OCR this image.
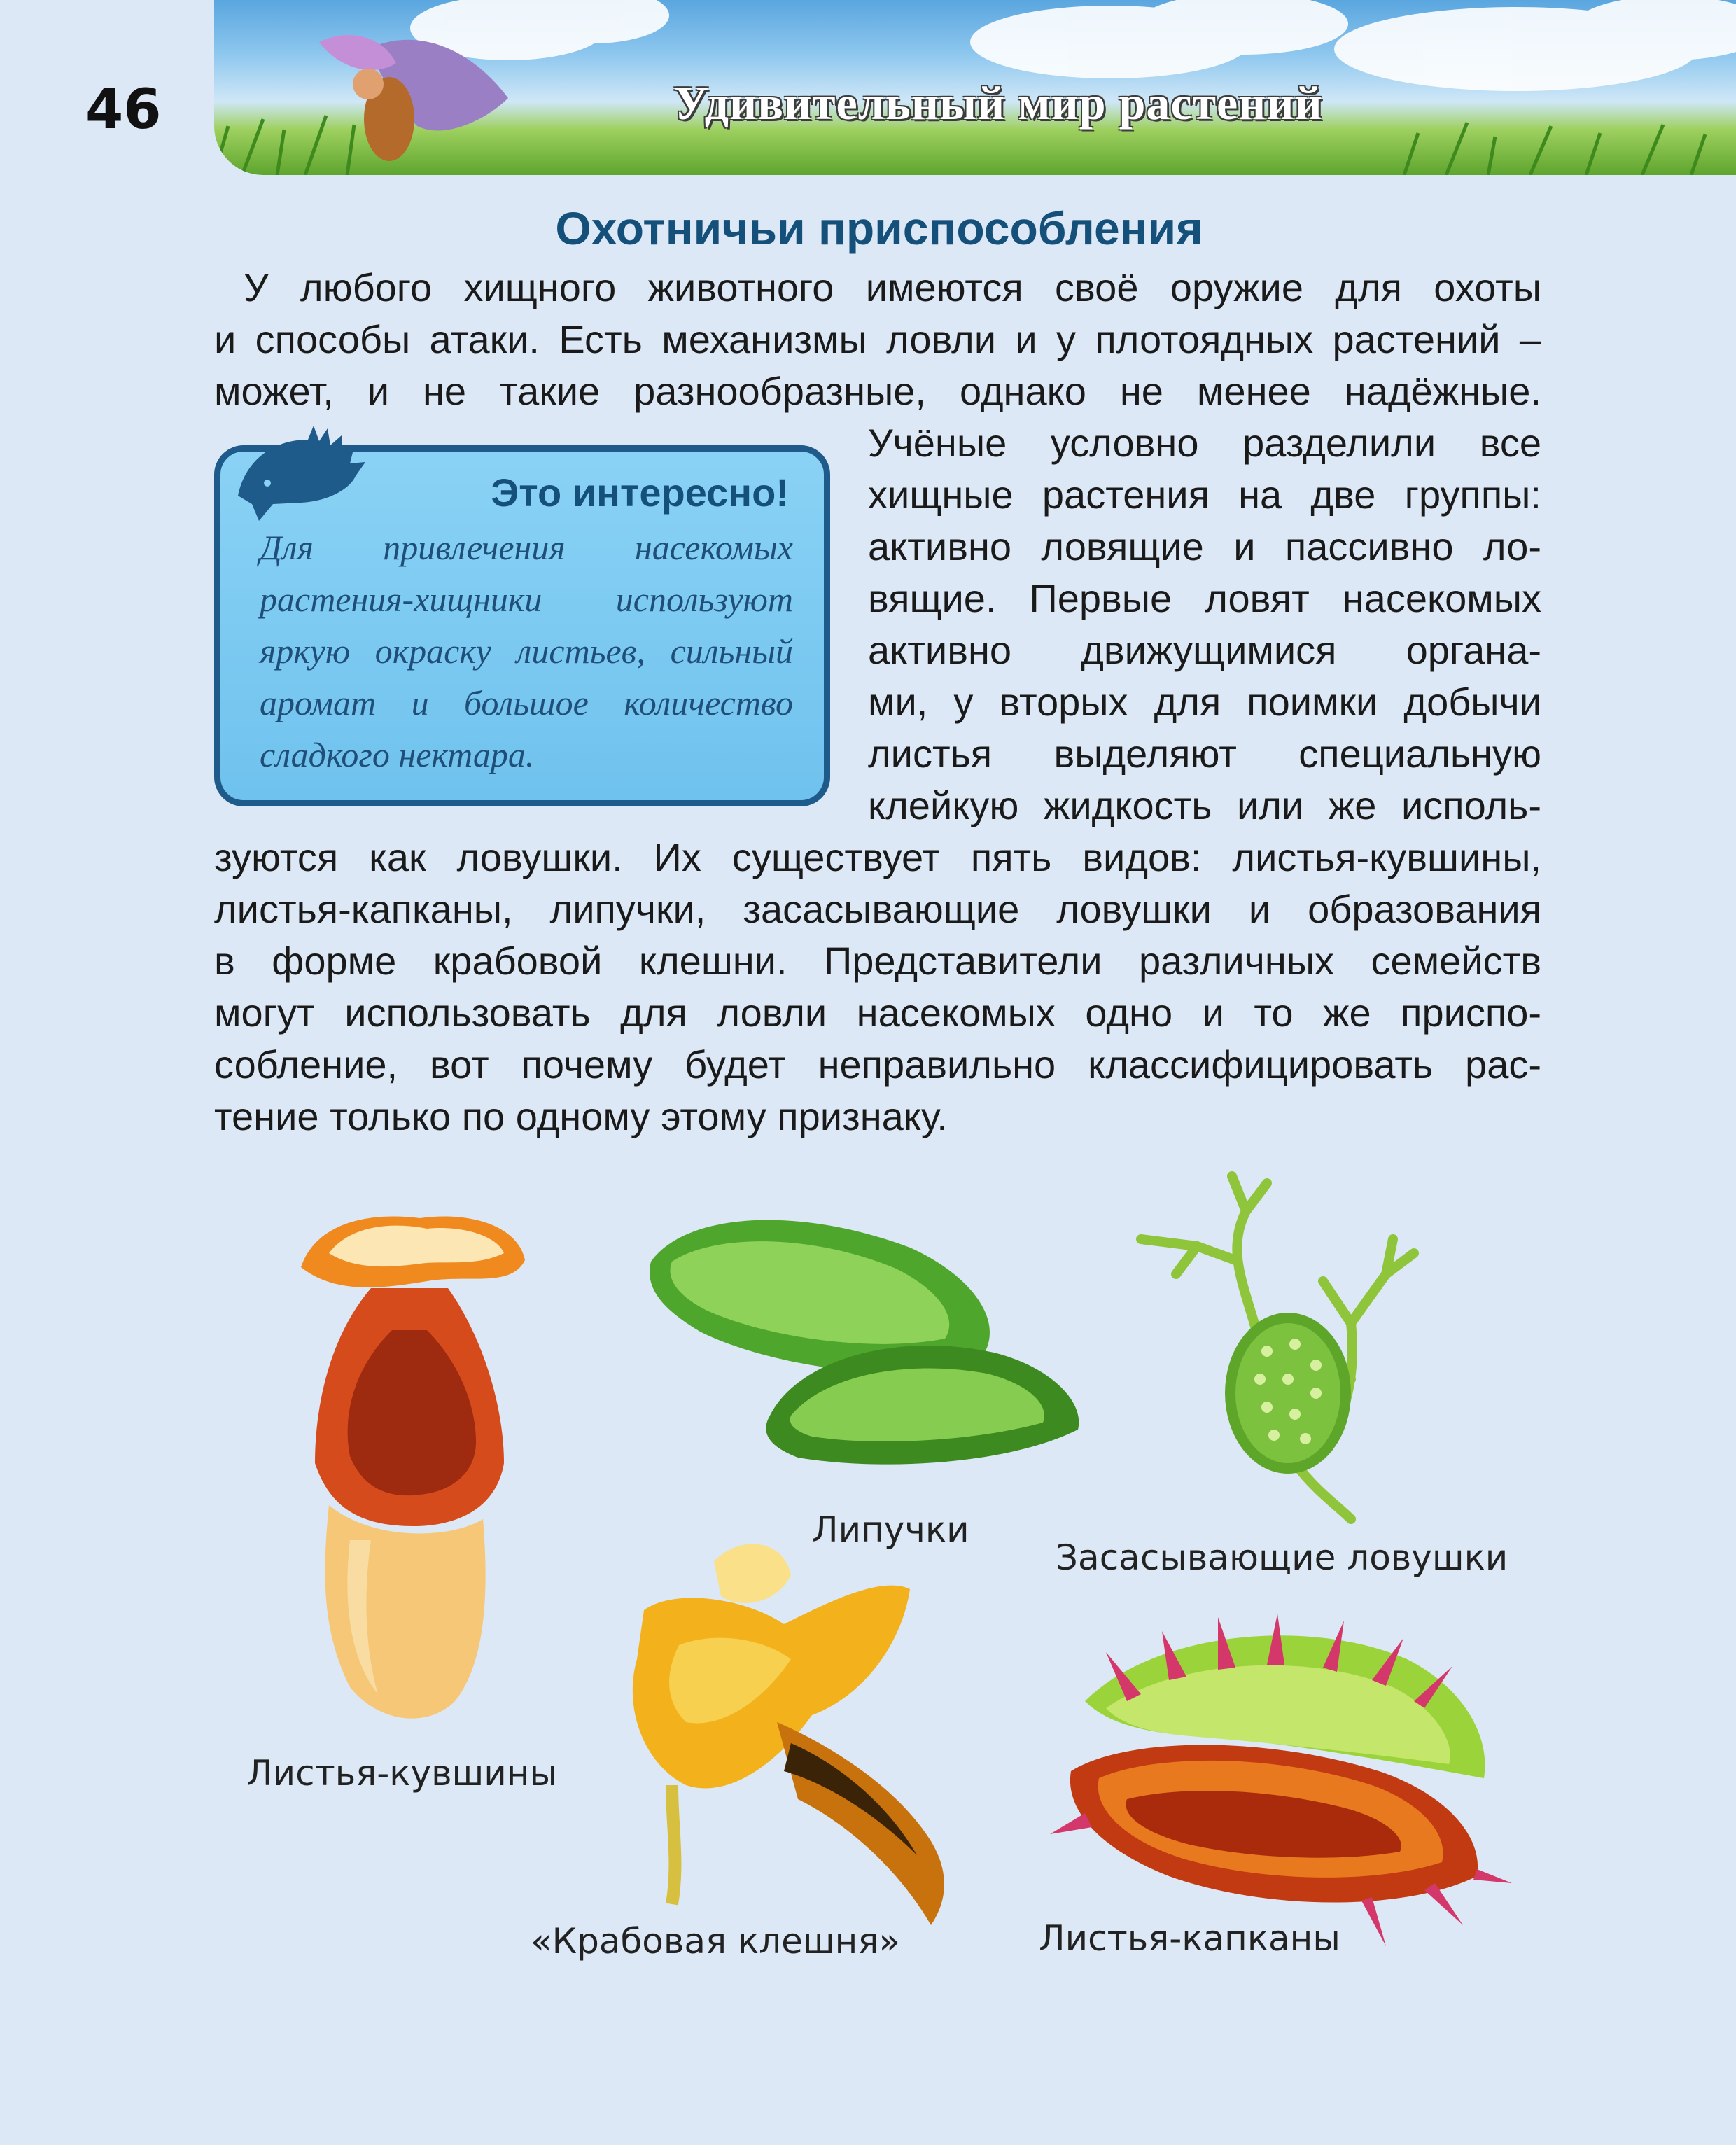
46	Удивительный мир растений
Охотничьи приспособления
У любого хищного животного имеются своё оружие для охоты
и способы атаки. Есть механизмы ловли и у плотоядных растений –
может, и не такие разнообразные, однако не менее надёжные.
Учёные условно разделили все
хищные растения на две группы:
активно ловящие и пассивно ло-
вящие. Первые ловят насекомых
активно движущимися органа-
ми, у вторых для поимки добычи
листья выделяют специальную
клейкую жидкость или же исполь-
зуются как ловушки. Их существует пять видов: листья-кувшины,
листья-капканы, липучки, засасывающие ловушки и образования
в форме крабовой клешни. Представители различных семейств
могут использовать для ловли насекомых одно и то же приспо-
собление, вот почему будет неправильно классифицировать рас-
тение только по одному этому признаку.
Это интересно!
Для привлечения насекомых растения-хищники используют яркую окраску листьев, сильный аромат и большое количество сладкого нектара.
Листья-кувшины
Липучки
Засасывающие ловушки
«Крабовая клешня»	Листья-капканы
